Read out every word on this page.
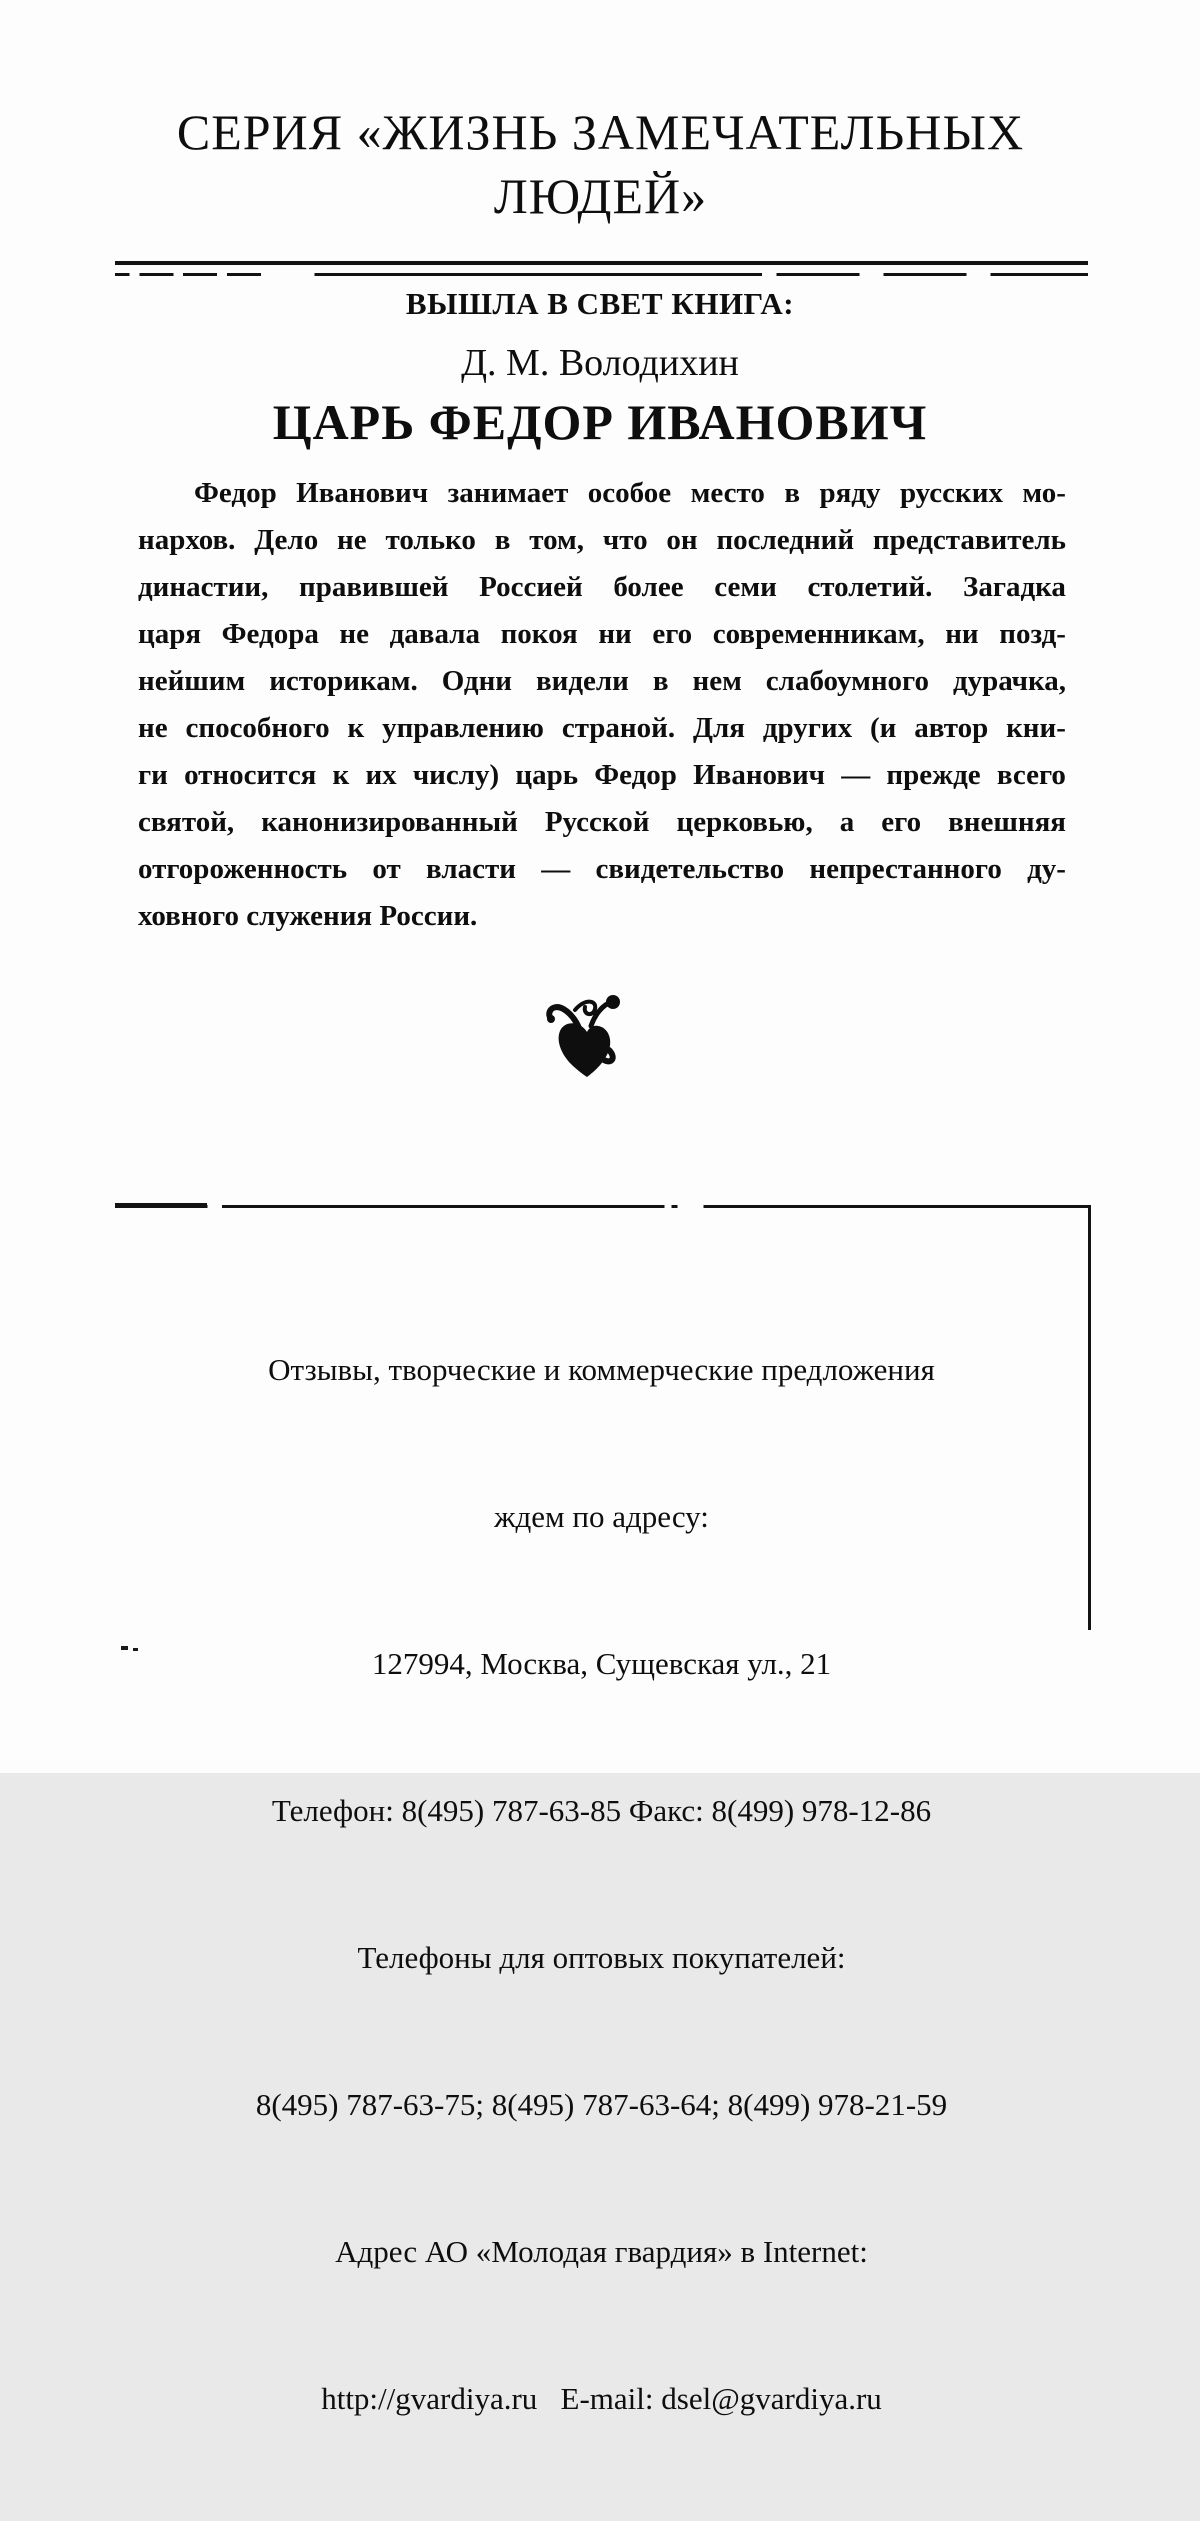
СЕРИЯ «ЖИЗНЬ ЗАМЕЧАТЕЛЬНЫХ
ЛЮДЕЙ»
ВЫШЛА В СВЕТ КНИГА:
Д. М. Володихин
ЦАРЬ ФЕДОР ИВАНОВИЧ
Федор Иванович занимает особое место в ряду русских мо-
нархов. Дело не только в том, что он последний представитель
династии, правившей Россией более семи столетий. Загадка
царя Федора не давала покоя ни его современникам, ни позд-
нейшим историкам. Одни видели в нем слабоумного дурачка,
не способного к управлению страной. Для других (и автор кни-
ги относится к их числу) царь Федор Иванович — прежде всего
святой, канонизированный Русской церковью, а его внешняя
отгороженность от власти — свидетельство непрестанного ду-
ховного служения России.

Отзывы, творческие и коммерческие предложения

ждем по адресу:

127994, Москва, Сущевская ул., 21

Телефон: 8(495) 787-63-85 Факс: 8(499) 978-12-86

Телефоны для оптовых покупателей:

8(495) 787-63-75; 8(495) 787-63-64; 8(499) 978-21-59

Адрес АО «Молодая гвардия» в Internet:

http://gvardiya.ru   E-mail: dsel@gvardiya.ru
